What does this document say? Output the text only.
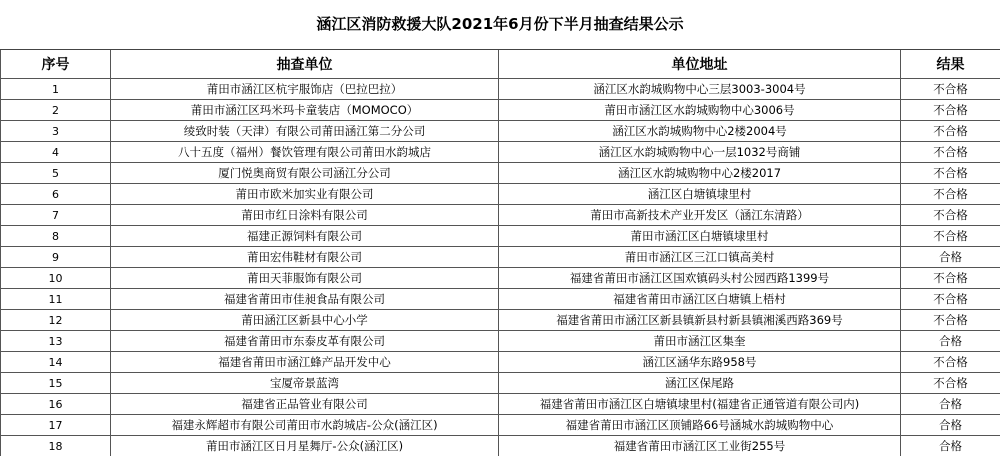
涵江区消防救援大队2021年6月份下半月抽查结果公示
序号	抽查单位	单位地址	结果
1	莆田市涵江区杭宇服饰店（巴拉巴拉）	涵江区水韵城购物中心三层3003-3004号	不合格
2	莆田市涵江区玛米玛卡童装店（MOMOCO）	莆田市涵江区水韵城购物中心3006号	不合格
3	绫致时装（天津）有限公司莆田涵江第二分公司	涵江区水韵城购物中心2楼2004号	不合格
4	八十五度（福州）餐饮管理有限公司莆田水韵城店	涵江区水韵城购物中心一层1032号商铺	不合格
5	厦门悦奥商贸有限公司涵江分公司	涵江区水韵城购物中心2楼2017	不合格
6	莆田市欧米加实业有限公司	涵江区白塘镇埭里村	不合格
7	莆田市红日涂料有限公司	莆田市高新技术产业开发区（涵江东清路）	不合格
8	福建正源饲料有限公司	莆田市涵江区白塘镇埭里村	不合格
9	莆田宏伟鞋材有限公司	莆田市涵江区三江口镇高美村	合格
10	莆田天菲服饰有限公司	福建省莆田市涵江区国欢镇码头村公园西路1399号	不合格
11	福建省莆田市佳昶食品有限公司	福建省莆田市涵江区白塘镇上梧村	不合格
12	莆田涵江区新县中心小学	福建省莆田市涵江区新县镇新县村新县镇湘溪西路369号	不合格
13	福建省莆田市东泰皮革有限公司	莆田市涵江区集奎	合格
14	福建省莆田市涵江蜂产品开发中心	涵江区涵华东路958号	不合格
15	宝厦帝景蓝湾	涵江区保尾路	不合格
16	福建省正品管业有限公司	福建省莆田市涵江区白塘镇埭里村(福建省正通管道有限公司内)	合格
17	福建永辉超市有限公司莆田市水韵城店-公众(涵江区)	福建省莆田市涵江区顶铺路66号涵城水韵城购物中心	合格
18	莆田市涵江区日月星舞厅-公众(涵江区)	福建省莆田市涵江区工业街255号	合格
